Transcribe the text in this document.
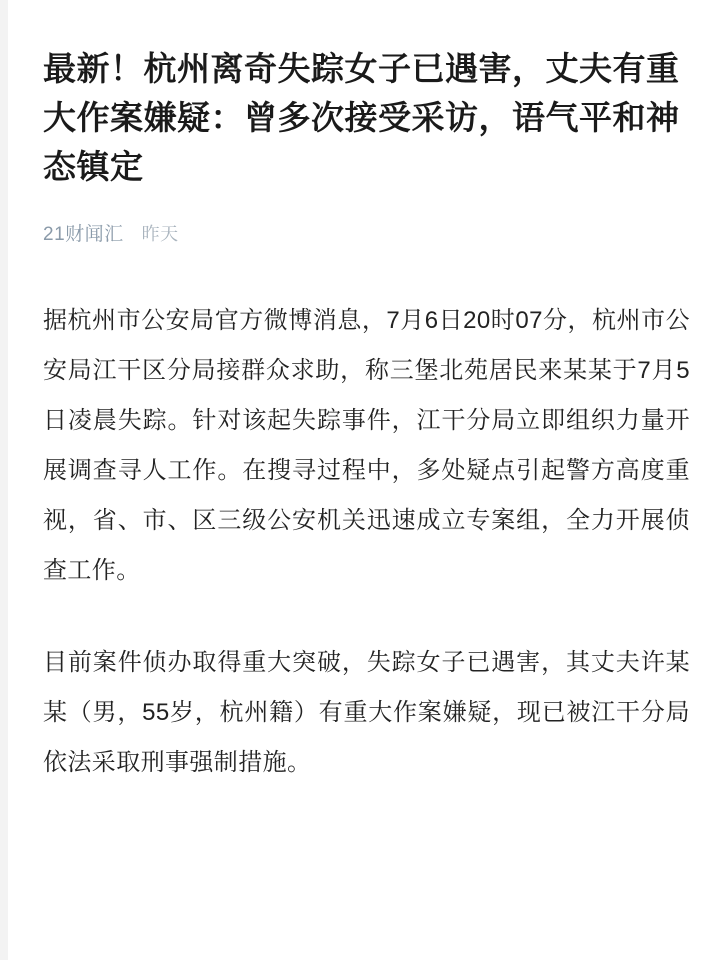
最新！杭州离奇失踪女子已遇害，丈夫有重大作案嫌疑：曾多次接受采访，语气平和神态镇定
21财闻汇 昨天

据杭州市公安局官方微博消息，7月6日20时07分，杭州市公安局江干区分局接群众求助，称三堡北苑居民来某某于7月5日凌晨失踪。针对该起失踪事件，江干分局立即组织力量开展调查寻人工作。在搜寻过程中，多处疑点引起警方高度重视，省、市、区三级公安机关迅速成立专案组，全力开展侦查工作。

目前案件侦办取得重大突破，失踪女子已遇害，其丈夫许某某（男，55岁，杭州籍）有重大作案嫌疑，现已被江干分局依法采取刑事强制措施。
